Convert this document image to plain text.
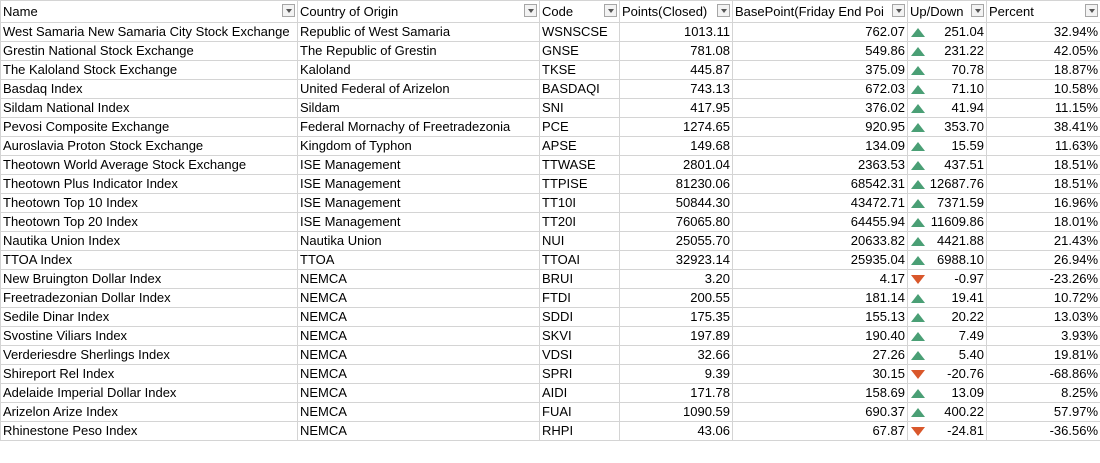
Name	Country of Origin	Code	Points(Closed)	BasePoint(Friday End Poi	Up/Down	Percent

West Samaria New Samaria City Stock Exchange	Republic of West Samaria	WSNSCSE	1013.11	762.07	251.04	32.94%
Grestin National Stock Exchange	The Republic of Grestin	GNSE	781.08	549.86	231.22	42.05%
The Kaloland Stock Exchange	Kaloland	TKSE	445.87	375.09	70.78	18.87%
Basdaq Index	United Federal of Arizelon	BASDAQI	743.13	672.03	71.10	10.58%
Sildam National Index	Sildam	SNI	417.95	376.02	41.94	11.15%
Pevosi Composite Exchange	Federal Mornachy of Freetradezonia	PCE	1274.65	920.95	353.70	38.41%
Auroslavia Proton Stock Exchange	Kingdom of Typhon	APSE	149.68	134.09	15.59	11.63%
Theotown World Average Stock Exchange	ISE Management	TTWASE	2801.04	2363.53	437.51	18.51%
Theotown Plus Indicator Index	ISE Management	TTPISE	81230.06	68542.31	12687.76	18.51%
Theotown Top 10 Index	ISE Management	TT10I	50844.30	43472.71	7371.59	16.96%
Theotown Top 20 Index	ISE Management	TT20I	76065.80	64455.94	11609.86	18.01%
Nautika Union Index	Nautika Union	NUI	25055.70	20633.82	4421.88	21.43%
TTOA Index	TTOA	TTOAI	32923.14	25935.04	6988.10	26.94%
New Bruington Dollar Index	NEMCA	BRUI	3.20	4.17	-0.97	-23.26%
Freetradezonian Dollar Index	NEMCA	FTDI	200.55	181.14	19.41	10.72%
Sedile Dinar Index	NEMCA	SDDI	175.35	155.13	20.22	13.03%
Svostine Viliars Index	NEMCA	SKVI	197.89	190.40	7.49	3.93%
Verderiesdre Sherlings Index	NEMCA	VDSI	32.66	27.26	5.40	19.81%
Shireport Rel Index	NEMCA	SPRI	9.39	30.15	-20.76	-68.86%
Adelaide Imperial Dollar Index	NEMCA	AIDI	171.78	158.69	13.09	8.25%
Arizelon Arize Index	NEMCA	FUAI	1090.59	690.37	400.22	57.97%
Rhinestone Peso Index	NEMCA	RHPI	43.06	67.87	-24.81	-36.56%
